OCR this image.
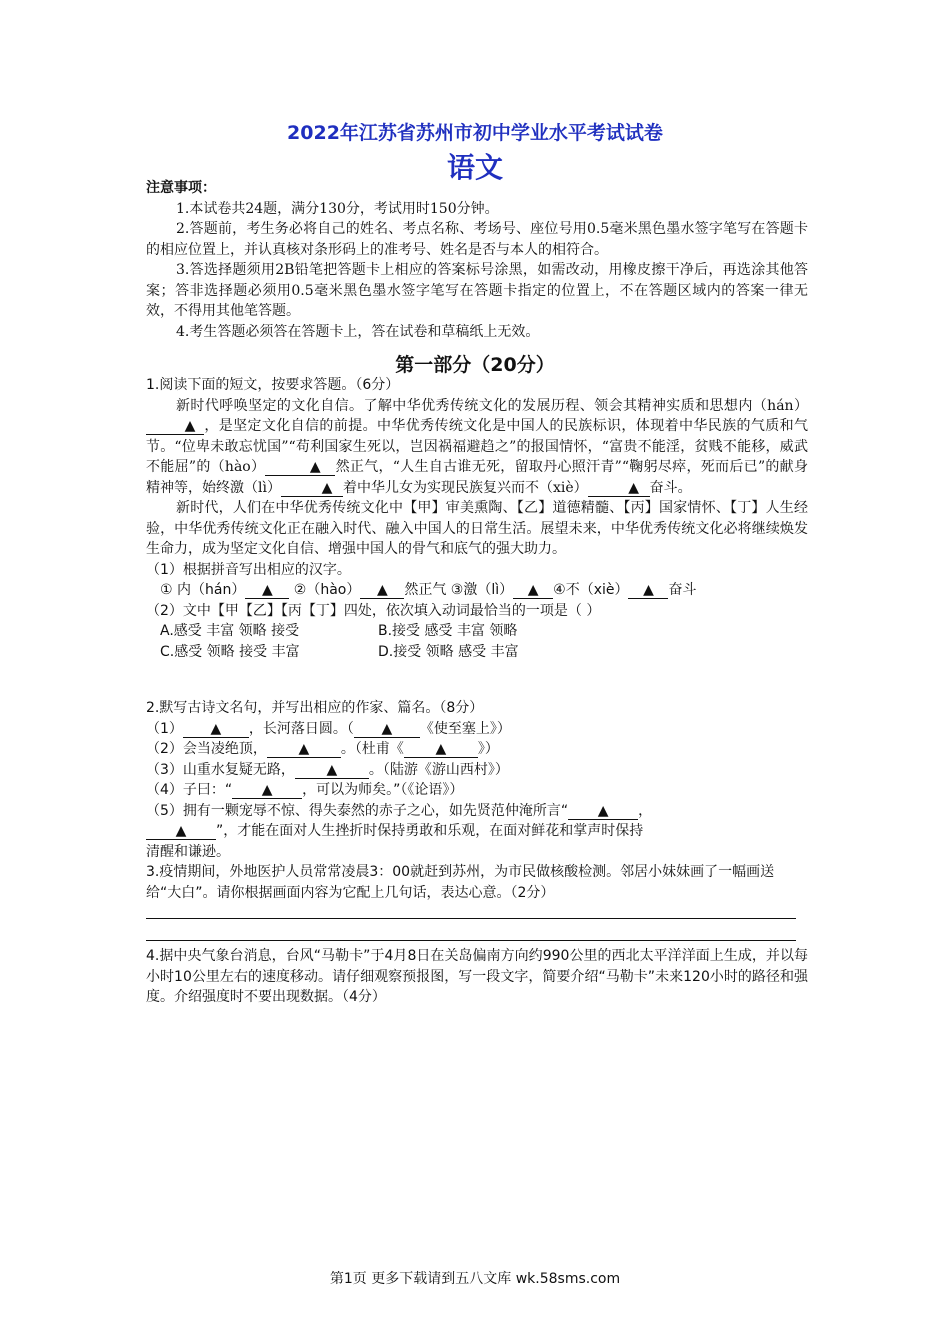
2022年江苏省苏州市初中学业水平考试试卷
语文
注意事项：
1.本试卷共24题，满分130分，考试用时150分钟。
2.答题前，考生务必将自己的姓名、考点名称、考场号、座位号用0.5毫米黑色墨水签字笔写在答题卡的相应位置上，并认真核对条形码上的准考号、姓名是否与本人的相符合。
3.答选择题须用2B铅笔把答题卡上相应的答案标号涂黑，如需改动，用橡皮擦干净后，再选涂其他答案；答非选择题必须用0.5毫米黑色墨水签字笔写在答题卡指定的位置上，不在答题区域内的答案一律无效，不得用其他笔答题。
4.考生答题必须答在答题卡上，答在试卷和草稿纸上无效。
第一部分（20分）
1.阅读下面的短文，按要求答题。（6分）
新时代呼唤坚定的文化自信。了解中华优秀传统文化的发展历程、领会其精神实质和思想内（hán）▲ ，是坚定文化自信的前提。中华优秀传统文化是中国人的民族标识，体现着中华民族的气质和气节。“位卑未敢忘忧国”“苟利国家生死以，岂因祸福避趋之”的报国情怀，“富贵不能淫，贫贱不能移，威武不能屈”的（hào）	▲ 然正气，“人生自古谁无死，留取丹心照汗青”“鞠躬尽瘁，死而后已”的献身精神等，始终激（lì）	▲ 着中华儿女为实现民族复兴而不（xiè）	▲ 奋斗。
新时代，人们在中华优秀传统文化中【甲】审美熏陶、【乙】道德精髓、【丙】国家情怀、【丁】人生经验，中华优秀传统文化正在融入时代、融入中国人的日常生活。展望未来，中华优秀传统文化必将继续焕发生命力，成为坚定文化自信、增强中国人的骨气和底气的强大助力。
（1）根据拼音写出相应的汉字。
① 内（hán） ▲ ②（hào） ▲ 然正气 ③激（lì） ▲ ④不（xiè） ▲ 奋斗
（2）文中【甲【乙】【丙【丁】四处，依次填入动词最恰当的一项是（ ）
A.感受 丰富 领略 接受	B.接受 感受 丰富 领略
C.感受 领略 接受 丰富	D.接受 领略 感受 丰富
2.默写古诗文名句，并写出相应的作家、篇名。（8分）
（1） ▲ ，长河落日圆。（ ▲ 《使至塞上》）
（2）会当凌绝顶， ▲ 。（杜甫《 ▲ 》）
（3）山重水复疑无路， ▲ 。（陆游《游山西村》）
（4）子曰：“ ▲ ，可以为师矣。”（《论语》）
（5）拥有一颗宠辱不惊、得失泰然的赤子之心，如先贤范仲淹所言“ ▲ ，
▲ ”，才能在面对人生挫折时保持勇敢和乐观，在面对鲜花和掌声时保持
清醒和谦逊。
3.疫情期间，外地医护人员常常凌晨3：00就赶到苏州，为市民做核酸检测。邻居小妹妹画了一幅画送给“大白”。请你根据画面内容为它配上几句话，表达心意。（2分）
4.据中央气象台消息，台风“马勒卡”于4月8日在关岛偏南方向约990公里的西北太平洋洋面上生成，并以每小时10公里左右的速度移动。请仔细观察预报图，写一段文字，简要介绍“马勒卡”未来120小时的路径和强度。介绍强度时不要出现数据。（4分）
第1页 更多下载请到五八文库 wk.58sms.com
